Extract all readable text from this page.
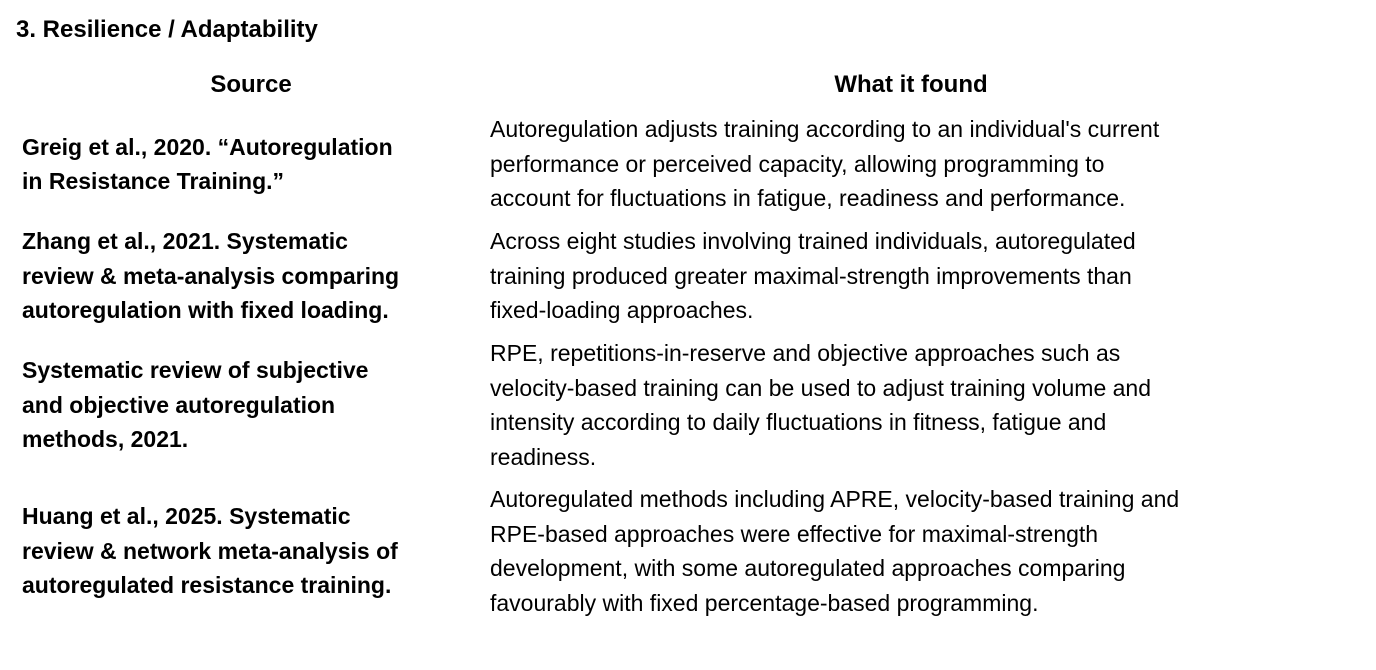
3. Resilience / Adaptability
Source	What it found
Greig et al., 2020. “Autoregulation
in Resistance Training.”
Autoregulation adjusts training according to an individual's current
performance or perceived capacity, allowing programming to
account for fluctuations in fatigue, readiness and performance.
Zhang et al., 2021. Systematic
review & meta-analysis comparing
autoregulation with fixed loading.
Across eight studies involving trained individuals, autoregulated
training produced greater maximal-strength improvements than
fixed-loading approaches.
Systematic review of subjective
and objective autoregulation
methods, 2021.
RPE, repetitions-in-reserve and objective approaches such as
velocity-based training can be used to adjust training volume and
intensity according to daily fluctuations in fitness, fatigue and
readiness.
Huang et al., 2025. Systematic
review & network meta-analysis of
autoregulated resistance training.
Autoregulated methods including APRE, velocity-based training and
RPE-based approaches were effective for maximal-strength
development, with some autoregulated approaches comparing
favourably with fixed percentage-based programming.
